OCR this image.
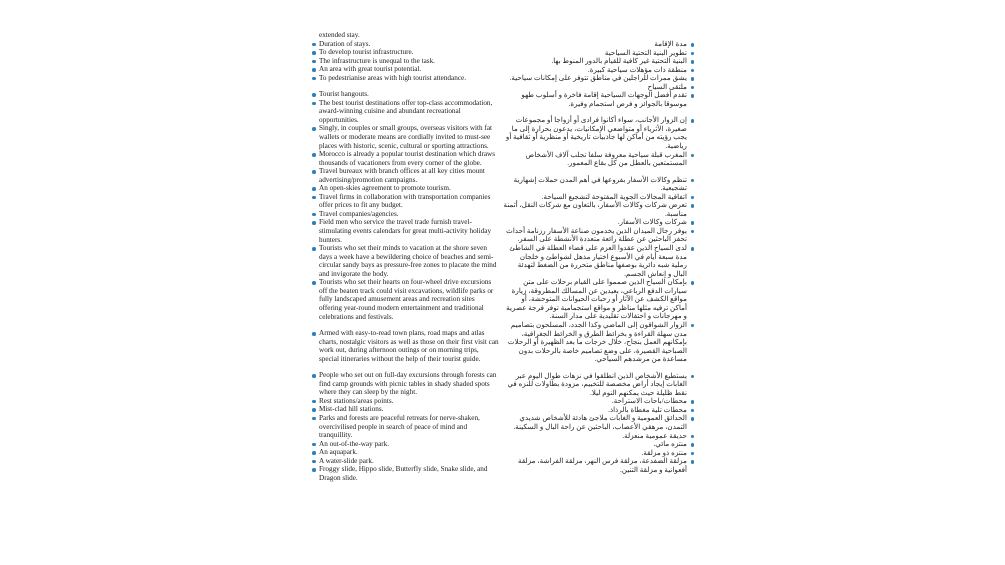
extended stay.

Duration of stays.

To develop tourist infrastructure.

The infrastructure is unequal to the task.

An area with great tourist potential.

To pedestrianise areas with high tourist attendance.

Tourist hangouts.

The best tourist destinations offer top-class accommodation, award-winning cuisine and abundant recreational opportunities.

Singly, in couples or small groups, overseas visitors with fat wallets or moderate means are cordially invited to must-see places with historic, scenic, cultural or sporting attractions.

Morocco is already a popular tourist destination which draws thousands of vacationers from every corner of the globe.

Travel bureaux with branch offices at all key cities mount advertising/promotion campaigns.

An open-skies agreement to promote tourism.

Travel firms in collaboration with transportation companies offer prices to fit any budget.

Travel companies/agencies.

Field men who service the travel trade furnish travel-stimulating events calendars for great multi-activity holiday hunters.

Tourists who set their minds to vacation at the shore seven days a week have a bewildering choice of beaches and semi-circular sandy bays as pressure-free zones to placate the mind and invigorate the body.

Tourists who set their hearts on four-wheel drive excursions off the beaten track could visit excavations, wildlife parks or fully landscaped amusement areas and recreation sites offering year-round modern entertainment and traditional celebrations and festivals.

Armed with easy-to-read town plans, road maps and atlas charts, nostalgic visitors as well as those on their first visit can work out, during afternoon outings or on morning trips, special itineraries without the help of their tourist guide.

People who set out on full-day excursions through forests can find camp grounds with picnic tables in shady shaded spots where they can sleep by the night.

Rest stations/areas points.

Mist-clad hill stations.

Parks and forests are peaceful retreats for nerve-shaken, overcivilised people in search of peace of mind and tranquillity.

An out-of-the-way park.

An aquapark.

A water-slide park.

Froggy slide, Hippo slide, Butterfly slide, Snake slide, and Dragon slide.

مدة الإقامة

تطوير البنية التحتية السياحية

البنية التحتية غير كافية للقيام بالدور المنوط بها.

منطقة ذات مؤهلات سياحية كبيرة.

يشق ممرات للراجلين في مناطق تتوفر على إمكانات سياحية.

ملتقى السياح

تقدم أفضل الوجهات السياحية إقامة فاخرة و أسلوب طهو موسوقا بالجوائز و فرص استجمام وفيرة.

إن الزوار الأجانب، سواء أكانوا فرادى أو أزواجا أو مجموعات صغيرة، الأثرياء أو متواضعي الإمكانيات، يدعون بحرارة إلى ما يجب رؤيته من أماكن لها جاذبيات تاريخية أو منظرية أو ثقافية أو رياضية.

المغرب قبلة سياحية معروفة سلفا تجلب آلاف الأشخاص المستمتعين بالعطل من كل بقاع المعمور.

تنظم وكالات الأسفار بفروعها في أهم المدن حملات إشهارية تشجيعية.

اتفاقية المجالات الجوية المفتوحة لتشجيع السياحة.

تعرض شركات وكالات الأسفار، بالتعاون مع شركات النقل، أثمنة مناسبة.

شركات وكالات الأسفار.

يوفر رجال الميدان الذين يخدمون صناعة الأسفار رزنامة أحداث تحفز الباحثين عن عطلة رائعة متعددة الأنشطة على السفر.

لدى السياح الذين عقدوا العزم على قضاء العطلة في الشاطئ مدة سبعة أيام في الأسبوع اختيار مذهل لشواطئ و خلجان رملية شبه دائرية بوصفها مناطق متحررة من الضغط لتهدئة البال و إنعاش الجسم.

بإمكان السياح الذين صمموا على القيام برحلات على متن سيارات الدفع الرباعي، بعيدين عن المسالك المطروقة، زيارة مواقع الكشف عن الآثار أو رحبات الحيوانات المتوحشة، أو أماكن ترفيه مثلها مناظر و مواقع استجمامية توفر فرجة عصرية و مهرجانات و احتفالات تقليدية على مدار السنة.

الزوار الشواقون إلى الماضي وكذا الجدد، المسلحون بتصاميم مدن سهلة القراءة و بخرائط الطرق و الخرائط الجغرافية، بإمكانهم العمل بنجاح، خلال خرجات ما بعد الظهيرة أو الرحلات الصباحية القصيرة، على وضع تصاميم خاصة بالرحلات بدون مساعدة من مرشدهم السياحي.

يستطيع الأشخاص الذين انطلقوا في نزهات طوال اليوم عبر الغابات إيجاد أراض مخصصة للتخييم، مزودة بطاولات للنزه في نقط ظليلة حيث يمكنهم النوم ليلا.

محطات/باحات الاستراحة.

محطات تلية مغطاة بالرذاذ.

الحدائق العمومية و الغابات ملاجئ هادئة للأشخاص شديدي التمدن، مرهقي الأعصاب، الباحثين عن راحة البال و السكينة.

حديقة عمومية منعزلة.

منتزه مائي.

منتزه ذو مزلقة.

مزلقة الضفدعة، مزلقة فرس النهر، مزلقة الفراشة، مزلقة أفعوانية و مزلقة التنين.
